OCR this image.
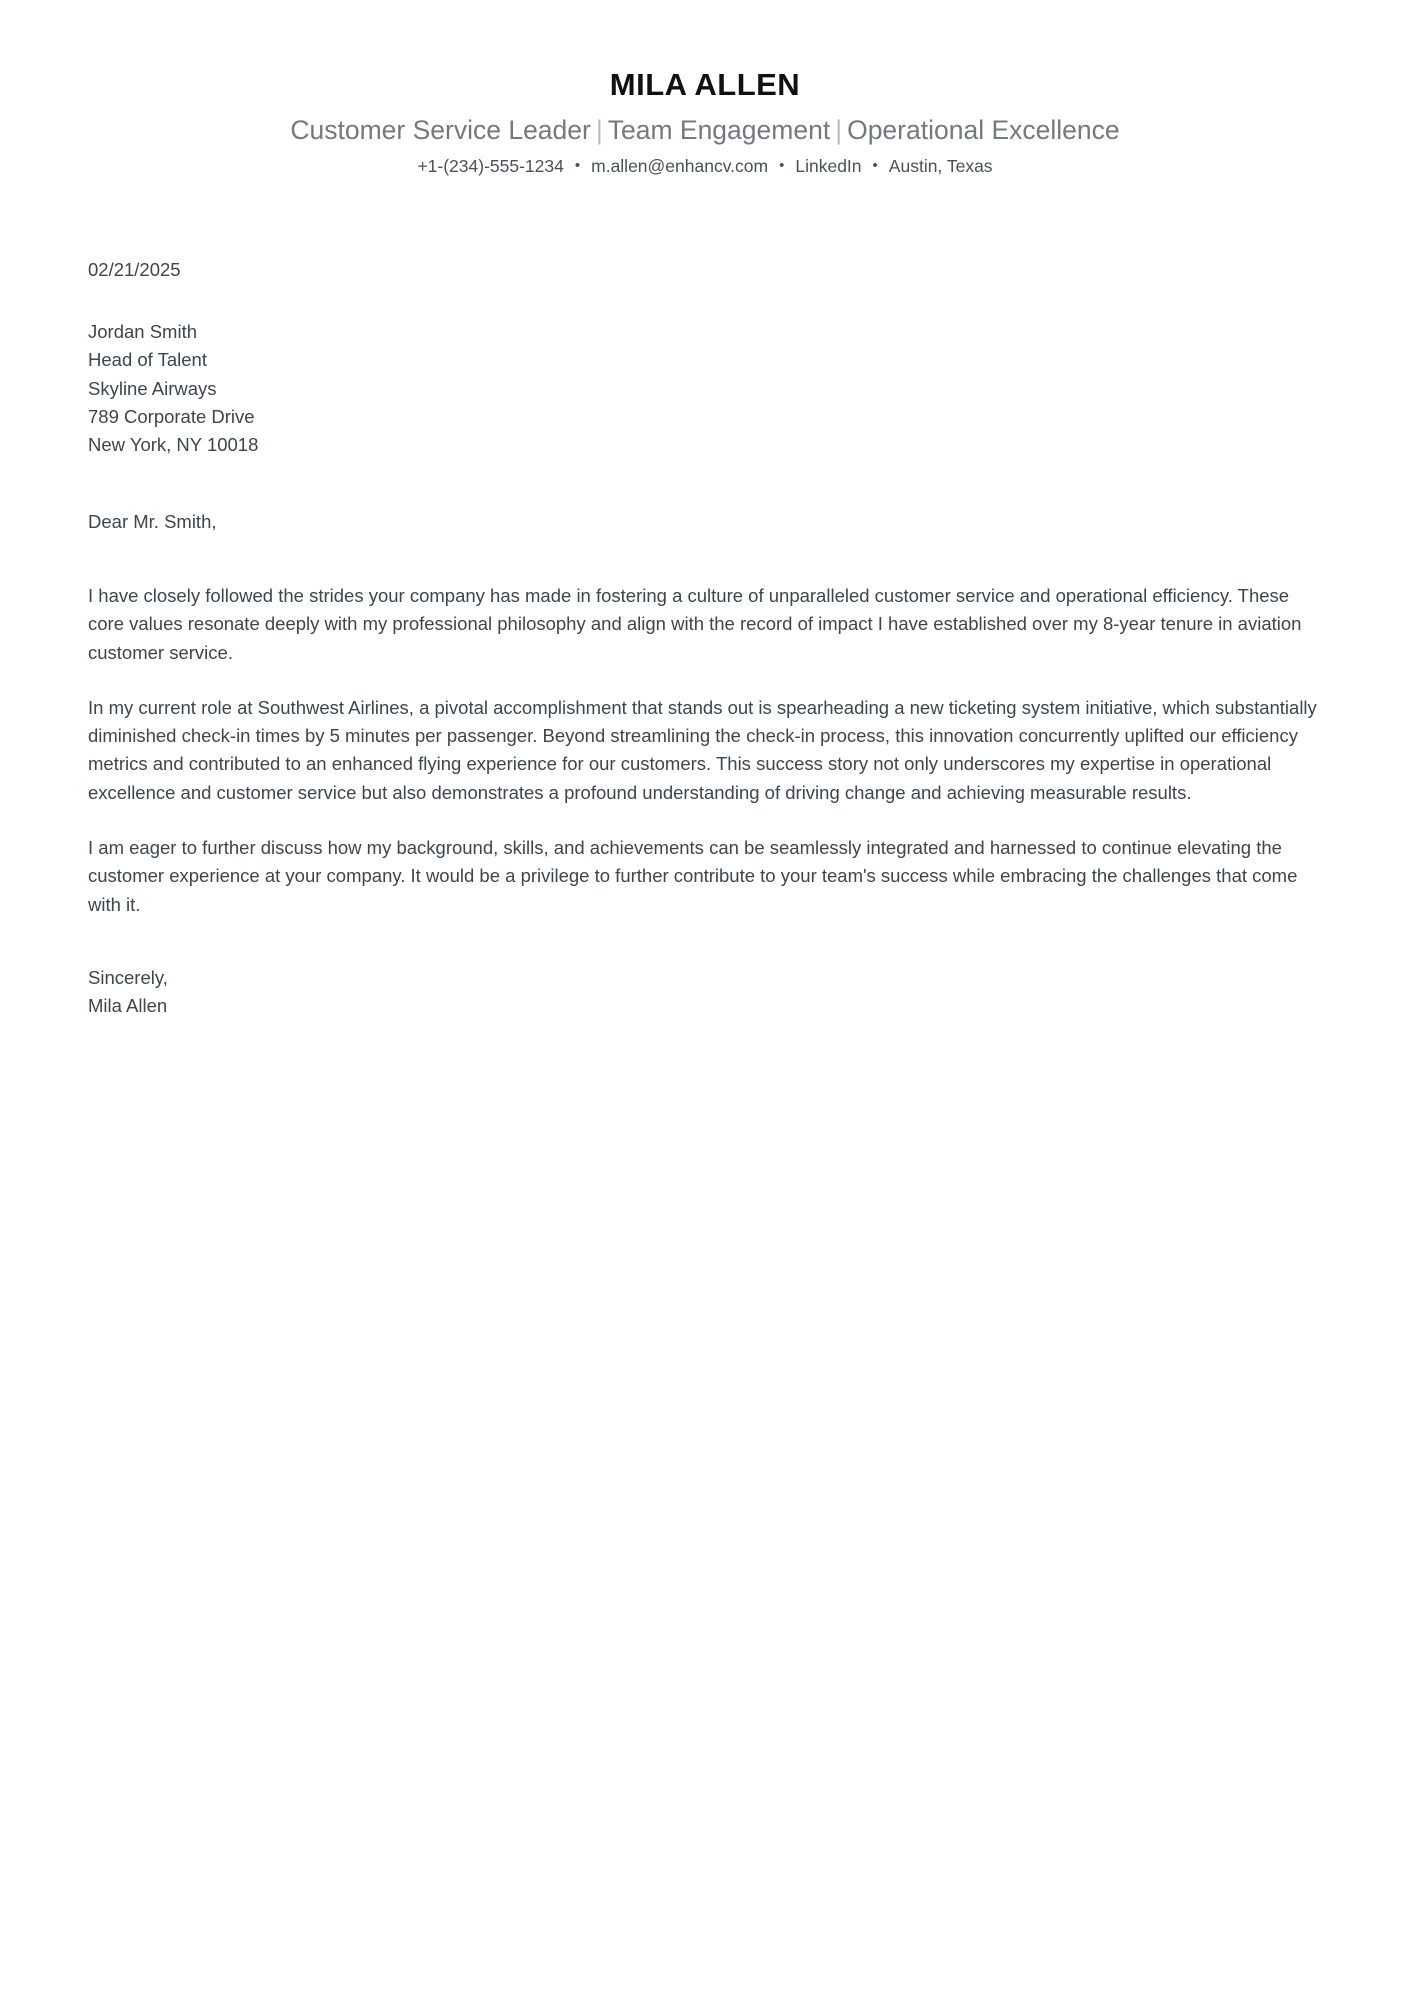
MILA ALLEN
Customer Service Leader | Team Engagement | Operational Excellence
+1-(234)-555-1234 • m.allen@enhancv.com • LinkedIn • Austin, Texas
02/21/2025
Jordan Smith
Head of Talent
Skyline Airways
789 Corporate Drive
New York, NY 10018
Dear Mr. Smith,

I have closely followed the strides your company has made in fostering a culture of unparalleled customer service and operational efficiency. These core values resonate deeply with my professional philosophy and align with the record of impact I have established over my 8-year tenure in aviation customer service.

In my current role at Southwest Airlines, a pivotal accomplishment that stands out is spearheading a new ticketing system initiative, which substantially diminished check-in times by 5 minutes per passenger. Beyond streamlining the check-in process, this innovation concurrently uplifted our efficiency metrics and contributed to an enhanced flying experience for our customers. This success story not only underscores my expertise in operational excellence and customer service but also demonstrates a profound understanding of driving change and achieving measurable results.

I am eager to further discuss how my background, skills, and achievements can be seamlessly integrated and harnessed to continue elevating the customer experience at your company. It would be a privilege to further contribute to your team's success while embracing the challenges that come with it.

Sincerely,
Mila Allen
